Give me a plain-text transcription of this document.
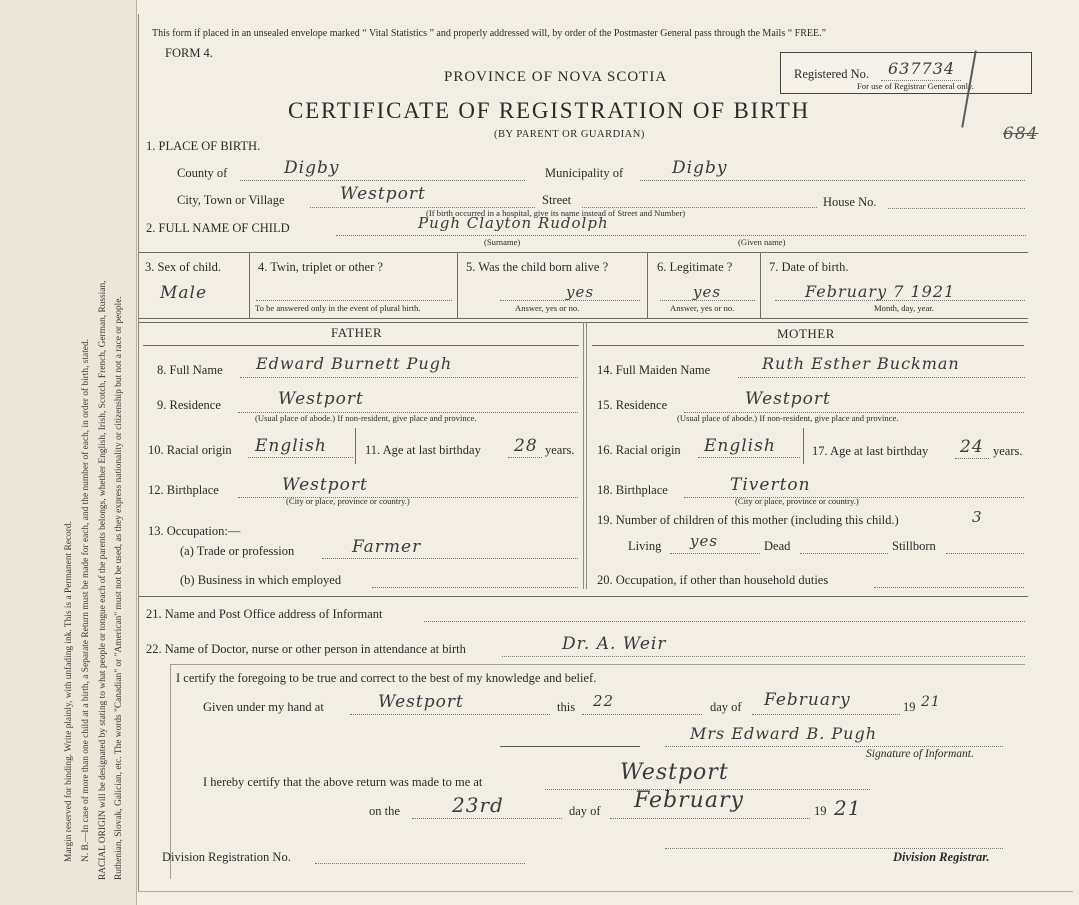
Margin reserved for binding. Write plainly, with unfading ink. This is a Permanent Record. N. B.—In case of more than one child at a birth, a Separate Return must be made for each, and the number of each, in order of birth, stated. RACIAL ORIGIN will be designated by stating to what people or tongue each of the parents belongs, whether English, Irish, Scotch, French, German, Russian, Ruthenian, Slovak, Galician, etc. The words "Canadian" or "American" must not be used, as they express nationality or citizenship but not a race or people.
This form if placed in an unsealed envelope marked “ Vital Statistics ” and properly addressed will, by order of the Postmaster General pass through the Mails “ FREE.”
FORM 4.
PROVINCE OF NOVA SCOTIA
CERTIFICATE OF REGISTRATION OF BIRTH
(BY PARENT OR GUARDIAN)
Registered No. 637734
For use of Registrar General only.
684
1. PLACE OF BIRTH.
County of	Digby	Municipality of	Digby
City, Town or Village	Westport	Street	House No.
(If birth occurred in a hospital, give its name instead of Street and Number)
2. FULL NAME OF CHILD	Pugh Clayton Rudolph
(Surname)	(Given name)
3. Sex of child.
Male
4. Twin, triplet or other ?
To be answered only in the event of plural birth.
5. Was the child born alive ?
yes
Answer, yes or no.
6. Legitimate ?
yes
Answer, yes or no.
7. Date of birth.
February 7 1921
Month, day, year.
FATHER	MOTHER
8. Full Name Edward Burnett Pugh
9. Residence	Westport
(Usual place of abode.) If non-resident, give place and province.
10. Racial origin English	11. Age at last birthday 28 years.
12. Birthplace	Westport
(City or place, province or country.)
13. Occupation:—
(a) Trade or profession	Farmer
(b) Business in which employed
14. Full Maiden Name	Ruth Esther Buckman
15. Residence	Westport
(Usual place of abode.) If non-resident, give place and province.
16. Racial origin English	17. Age at last birthday 24 years.
18. Birthplace	Tiverton
(City or place, province or country.)
19. Number of children of this mother (including this child.)	3
Living yes	Dead	Stillborn
20. Occupation, if other than household duties
21. Name and Post Office address of Informant
22. Name of Doctor, nurse or other person in attendance at birth	Dr. A. Weir
I certify the foregoing to be true and correct to the best of my knowledge and belief.
Given under my hand at	Westport	this 22	day of February	19 21
Mrs Edward B. Pugh
Signature of Informant.
I hereby certify that the above return was made to me at	Westport
on the	23rd	day of February	19 21
Division Registration No.	Division Registrar.
